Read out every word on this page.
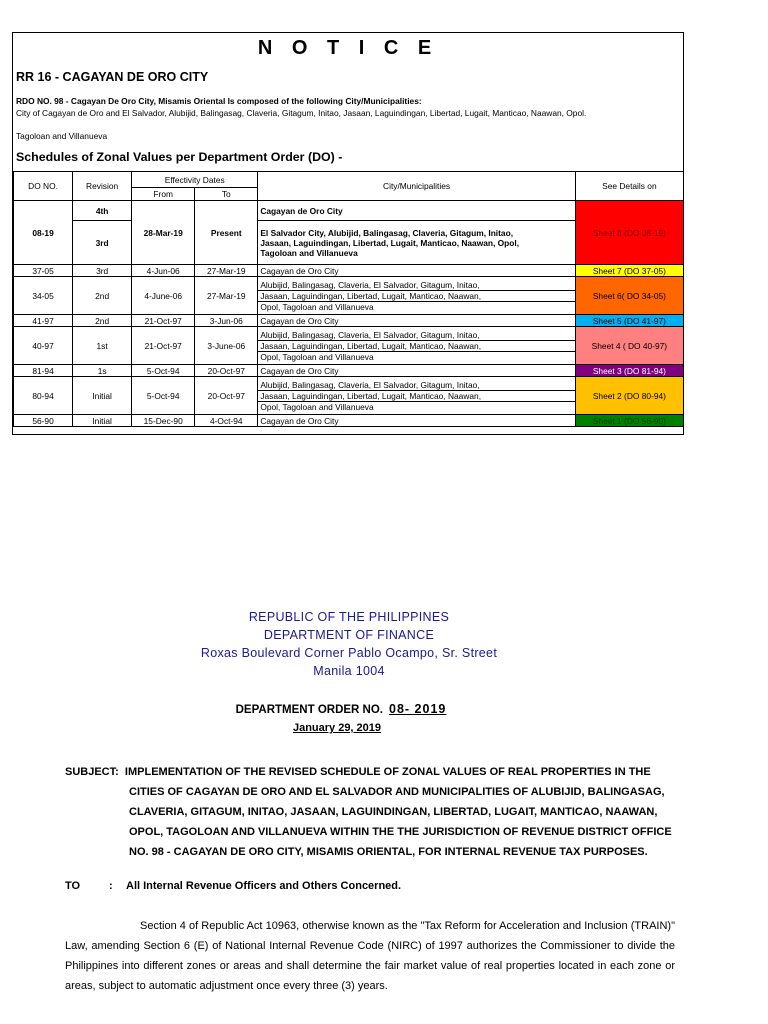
N O T I C E
RR 16 - CAGAYAN DE ORO CITY
RDO NO. 98 - Cagayan De Oro City, Misamis Oriental Is composed of the following City/Municipalities:
City of Cagayan de Oro and El Salvador, Alubijid, Balingasag, Claveria, Gitagum, Initao, Jasaan, Laguindingan, Libertad, Lugait, Manticao, Naawan, Opol.
Tagoloan and Villanueva
Schedules of Zonal Values per Department Order (DO) -
DO NO.	Revision	Effectivity Dates		City/Municipalities	See Details on
		From	To		
08-19	4th	28-Mar-19	Present	Cagayan de Oro City	Sheet 8 (DO 08-19)
	3rd			El Salvador City, Alubijid, Balingasag, Claveria, Gitagum, Initao,
Jasaan, Laguindingan, Libertad, Lugait, Manticao, Naawan, Opol,
Tagoloan and Villanueva	

37-05	3rd	4-Jun-06	27-Mar-19	Cagayan de Oro City	Sheet 7 (DO 37-05)
34-05	2nd	4-June-06	27-Mar-19	Alubijid, Balingasag, Claveria, El Salvador, Gitagum, Initao,
Jasaan, Laguindingan, Libertad, Lugait, Manticao, Naawan,
Opol, Tagoloan and Villanueva	Sheet 6( DO 34-05)
41-97	2nd	21-Oct-97	3-Jun-06	Cagayan de Oro City	Sheet 5 (DO 41-97)
40-97	1st	21-Oct-97	3-June-06	Alubijid, Balingasag, Claveria, El Salvador, Gitagum, Initao,
Jasaan, Laguindingan, Libertad, Lugait, Manticao, Naawan,
Opol, Tagoloan and Villanueva	Sheet 4 ( DO 40-97)
81-94	1s	5-Oct-94	20-Oct-97	Cagayan de Oro City	Sheet 3 (DO 81-94)
80-94	Initial	5-Oct-94	20-Oct-97	Alubijid, Balingasag, Claveria, El Salvador, Gitagum, Initao,
Jasaan, Laguindingan, Libertad, Lugait, Manticao, Naawan,
Opol, Tagoloan and Villanueva	Sheet 2 (DO 80-94)
56-90	Initial	15-Dec-90	4-Oct-94	Cagayan de Oro City	Sheet 1 (DO 56-90)
REPUBLIC OF THE PHILIPPINES
DEPARTMENT OF FINANCE
Roxas Boulevard Corner Pablo Ocampo, Sr. Street
Manila 1004
DEPARTMENT ORDER NO. 08- 2019
January 29, 2019
SUBJECT: IMPLEMENTATION OF THE REVISED SCHEDULE OF ZONAL VALUES OF REAL PROPERTIES IN THE
CITIES OF CAGAYAN DE ORO AND EL SALVADOR AND MUNICIPALITIES OF ALUBIJID, BALINGASAG,
CLAVERIA, GITAGUM, INITAO, JASAAN, LAGUINDINGAN, LIBERTAD, LUGAIT, MANTICAO, NAAWAN,
OPOL, TAGOLOAN AND VILLANUEVA WITHIN THE THE JURISDICTION OF REVENUE DISTRICT OFFICE
NO. 98 - CAGAYAN DE ORO CITY, MISAMIS ORIENTAL, FOR INTERNAL REVENUE TAX PURPOSES.
TO	: All Internal Revenue Officers and Others Concerned.
Section 4 of Republic Act 10963, otherwise known as the "Tax Reform for Acceleration and Inclusion (TRAIN)" Law, amending Section 6 (E) of National Internal Revenue Code (NIRC) of 1997 authorizes the Commissioner to divide the Philippines into different zones or areas and shall determine the fair market value of real properties located in each zone or areas, subject to automatic adjustment once every three (3) years.
